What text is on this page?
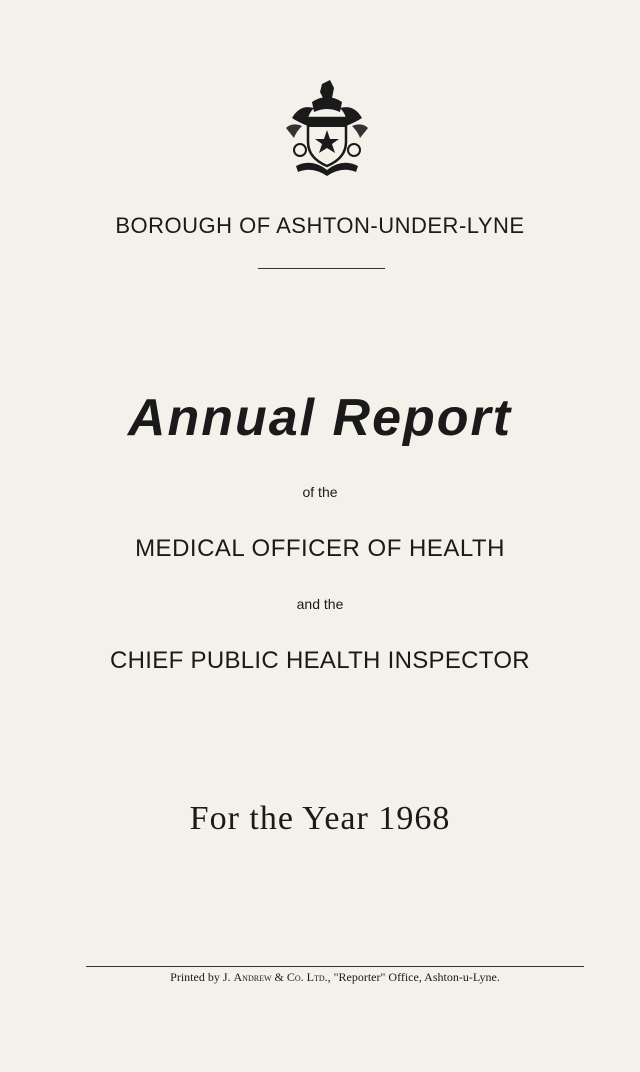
BOROUGH OF ASHTON-UNDER-LYNE
Annual Report
of the
MEDICAL OFFICER OF HEALTH
and the
CHIEF PUBLIC HEALTH INSPECTOR
For the Year 1968
Printed by J. Andrew & Co. Ltd., "Reporter" Office, Ashton-u-Lyne.
